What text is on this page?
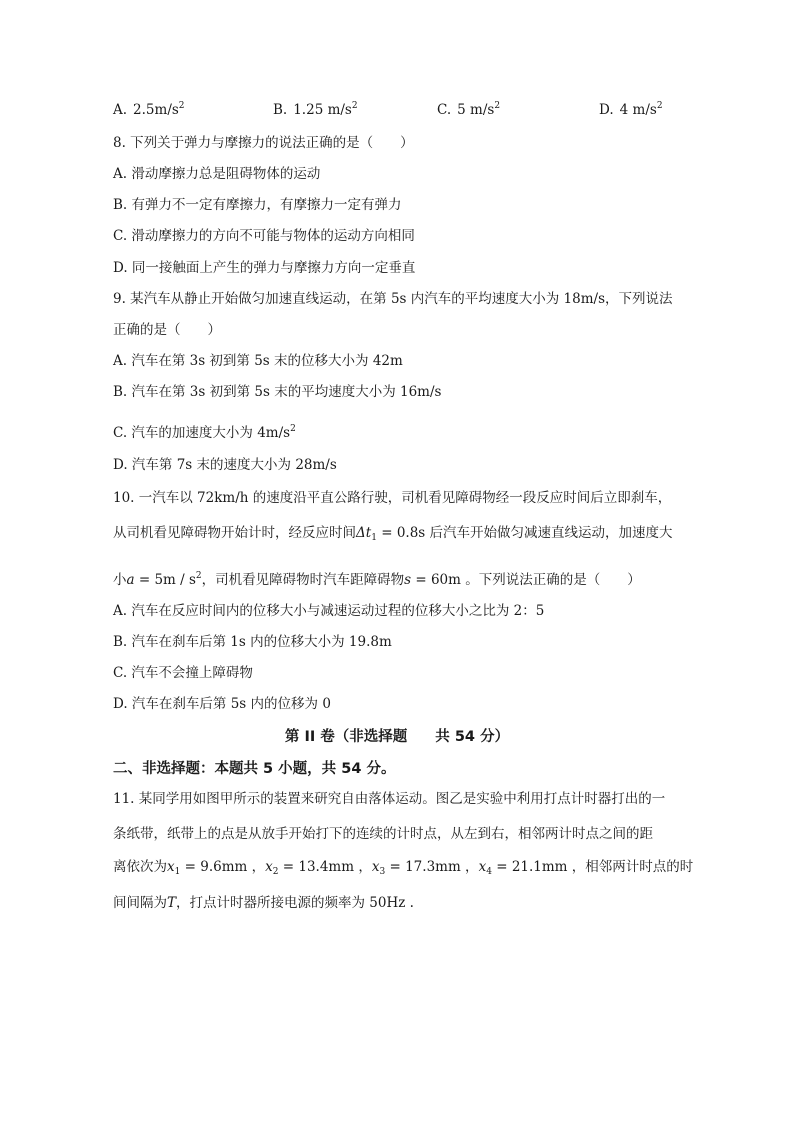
A. $2.5m/s^2$	B. 1.25 $m/s^2$	C. 5 $m/s^2$	D. 4 $m/s^2$
8. 下列关于弹力与摩擦力的说法正确的是（　　）
A. 滑动摩擦力总是阻碍物体的运动
B. 有弹力不一定有摩擦力，有摩擦力一定有弹力
C. 滑动摩擦力的方向不可能与物体的运动方向相同
D. 同一接触面上产生的弹力与摩擦力方向一定垂直
9. 某汽车从静止开始做匀加速直线运动，在第 5s 内汽车的平均速度大小为 18m/s，下列说法
正确的是（　　）
A. 汽车在第 3s 初到第 5s 末的位移大小为 42m
B. 汽车在第 3s 初到第 5s 末的平均速度大小为 16m/s
C. 汽车的加速度大小为 $4m/s^2$
D. 汽车第 7s 末的速度大小为 28m/s
10. 一汽车以 72km/h 的速度沿平直公路行驶，司机看见障碍物经一段反应时间后立即刹车，
从司机看见障碍物开始计时，经反应时间$\Delta t_1 = 0.8s$ 后汽车开始做匀减速直线运动，加速度大
小$a = 5m / s^2$，司机看见障碍物时汽车距障碍物s = 60m 。下列说法正确的是（　　）
A. 汽车在反应时间内的位移大小与减速运动过程的位移大小之比为 2：5
B. 汽车在刹车后第 1s 内的位移大小为 19.8m
C. 汽车不会撞上障碍物
D. 汽车在刹车后第 5s 内的位移为 0
第 II 卷（非选择题 共 54 分）
二、非选择题：本题共 5 小题，共 54 分。
11. 某同学用如图甲所示的装置来研究自由落体运动。图乙是实验中利用打点计时器打出的一
条纸带，纸带上的点是从放手开始打下的连续的计时点，从左到右，相邻两计时点之间的距
离依次为$x_1 = 9.6mm$ ，$x_2 = 13.4mm$ ，$x_3 = 17.3mm$ ，$x_4 = 21.1mm$ ，相邻两计时点的时
间间隔为T，打点计时器所接电源的频率为 50Hz .
